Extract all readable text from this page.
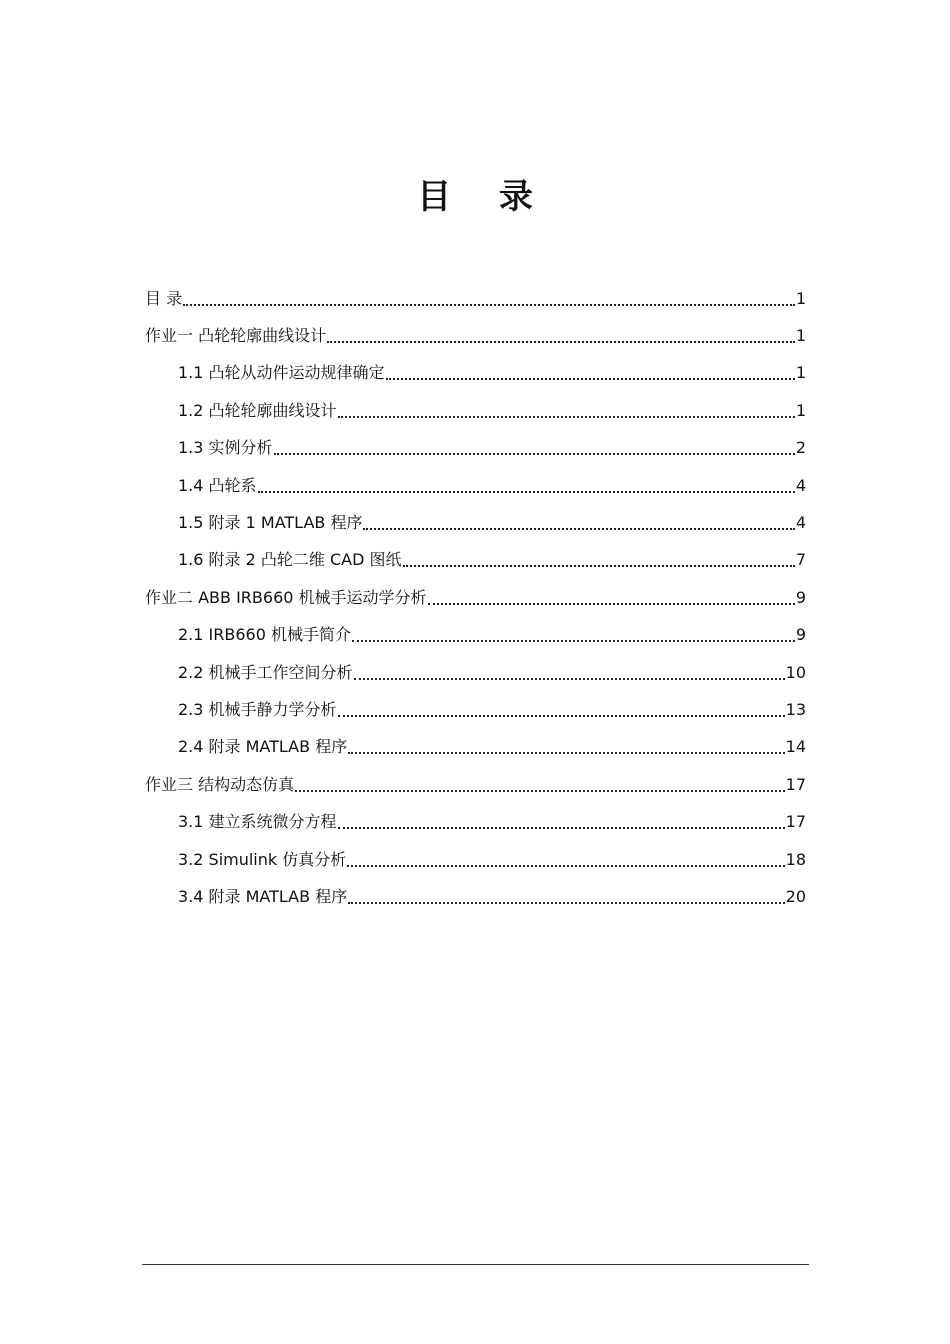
目 录
目 录	1
作业一 凸轮轮廓曲线设计	1
1.1 凸轮从动件运动规律确定	1
1.2 凸轮轮廓曲线设计	1
1.3 实例分析	2
1.4 凸轮系	4
1.5 附录 1 MATLAB 程序	4
1.6 附录 2 凸轮二维 CAD 图纸	7
作业二 ABB IRB660 机械手运动学分析	9
2.1 IRB660 机械手简介	9
2.2 机械手工作空间分析	10
2.3 机械手静力学分析	13
2.4 附录 MATLAB 程序	14
作业三 结构动态仿真	17
3.1 建立系统微分方程	17
3.2 Simulink 仿真分析	18
3.4 附录 MATLAB 程序	20
